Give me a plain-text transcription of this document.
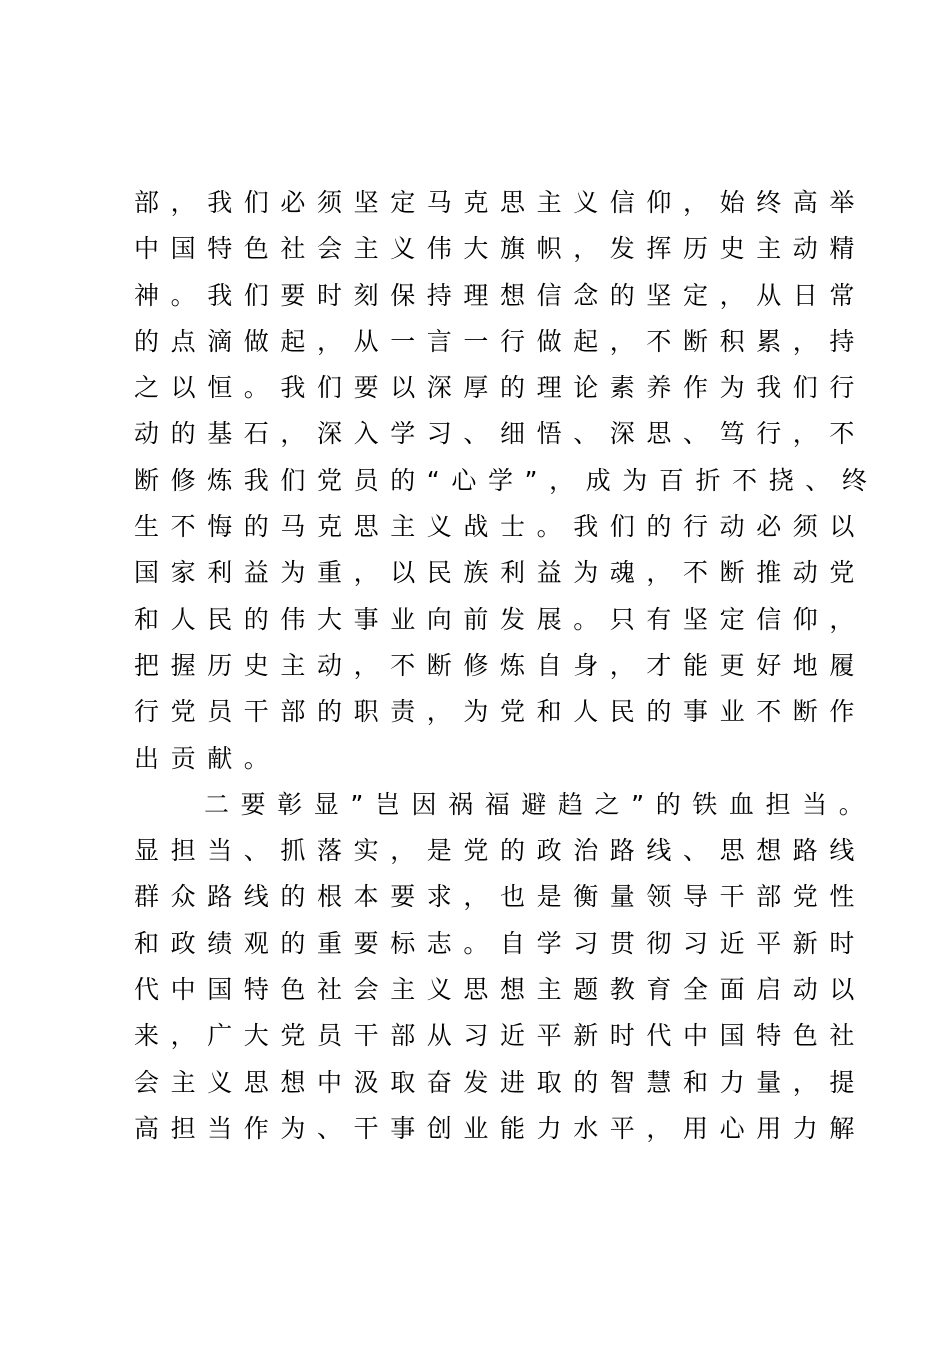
部，我们必须坚定马克思主义信仰，始终高举
中国特色社会主义伟大旗帜，发挥历史主动精
神。我们要时刻保持理想信念的坚定，从日常
的点滴做起，从一言一行做起，不断积累，持
之以恒。我们要以深厚的理论素养作为我们行
动的基石，深入学习、细悟、深思、笃行，不
断修炼我们党员的“心学”，成为百折不挠、终
生不悔的马克思主义战士。我们的行动必须以
国家利益为重，以民族利益为魂，不断推动党
和人民的伟大事业向前发展。只有坚定信仰，
把握历史主动，不断修炼自身，才能更好地履
行党员干部的职责，为党和人民的事业不断作
出贡献。
二要彰显”岂因祸福避趋之”的铁血担当。
显担当、抓落实，是党的政治路线、思想路线
群众路线的根本要求，也是衡量领导干部党性
和政绩观的重要标志。自学习贯彻习近平新时
代中国特色社会主义思想主题教育全面启动以
来，广大党员干部从习近平新时代中国特色社
会主义思想中汲取奋发进取的智慧和力量，提
高担当作为、干事创业能力水平，用心用力解
